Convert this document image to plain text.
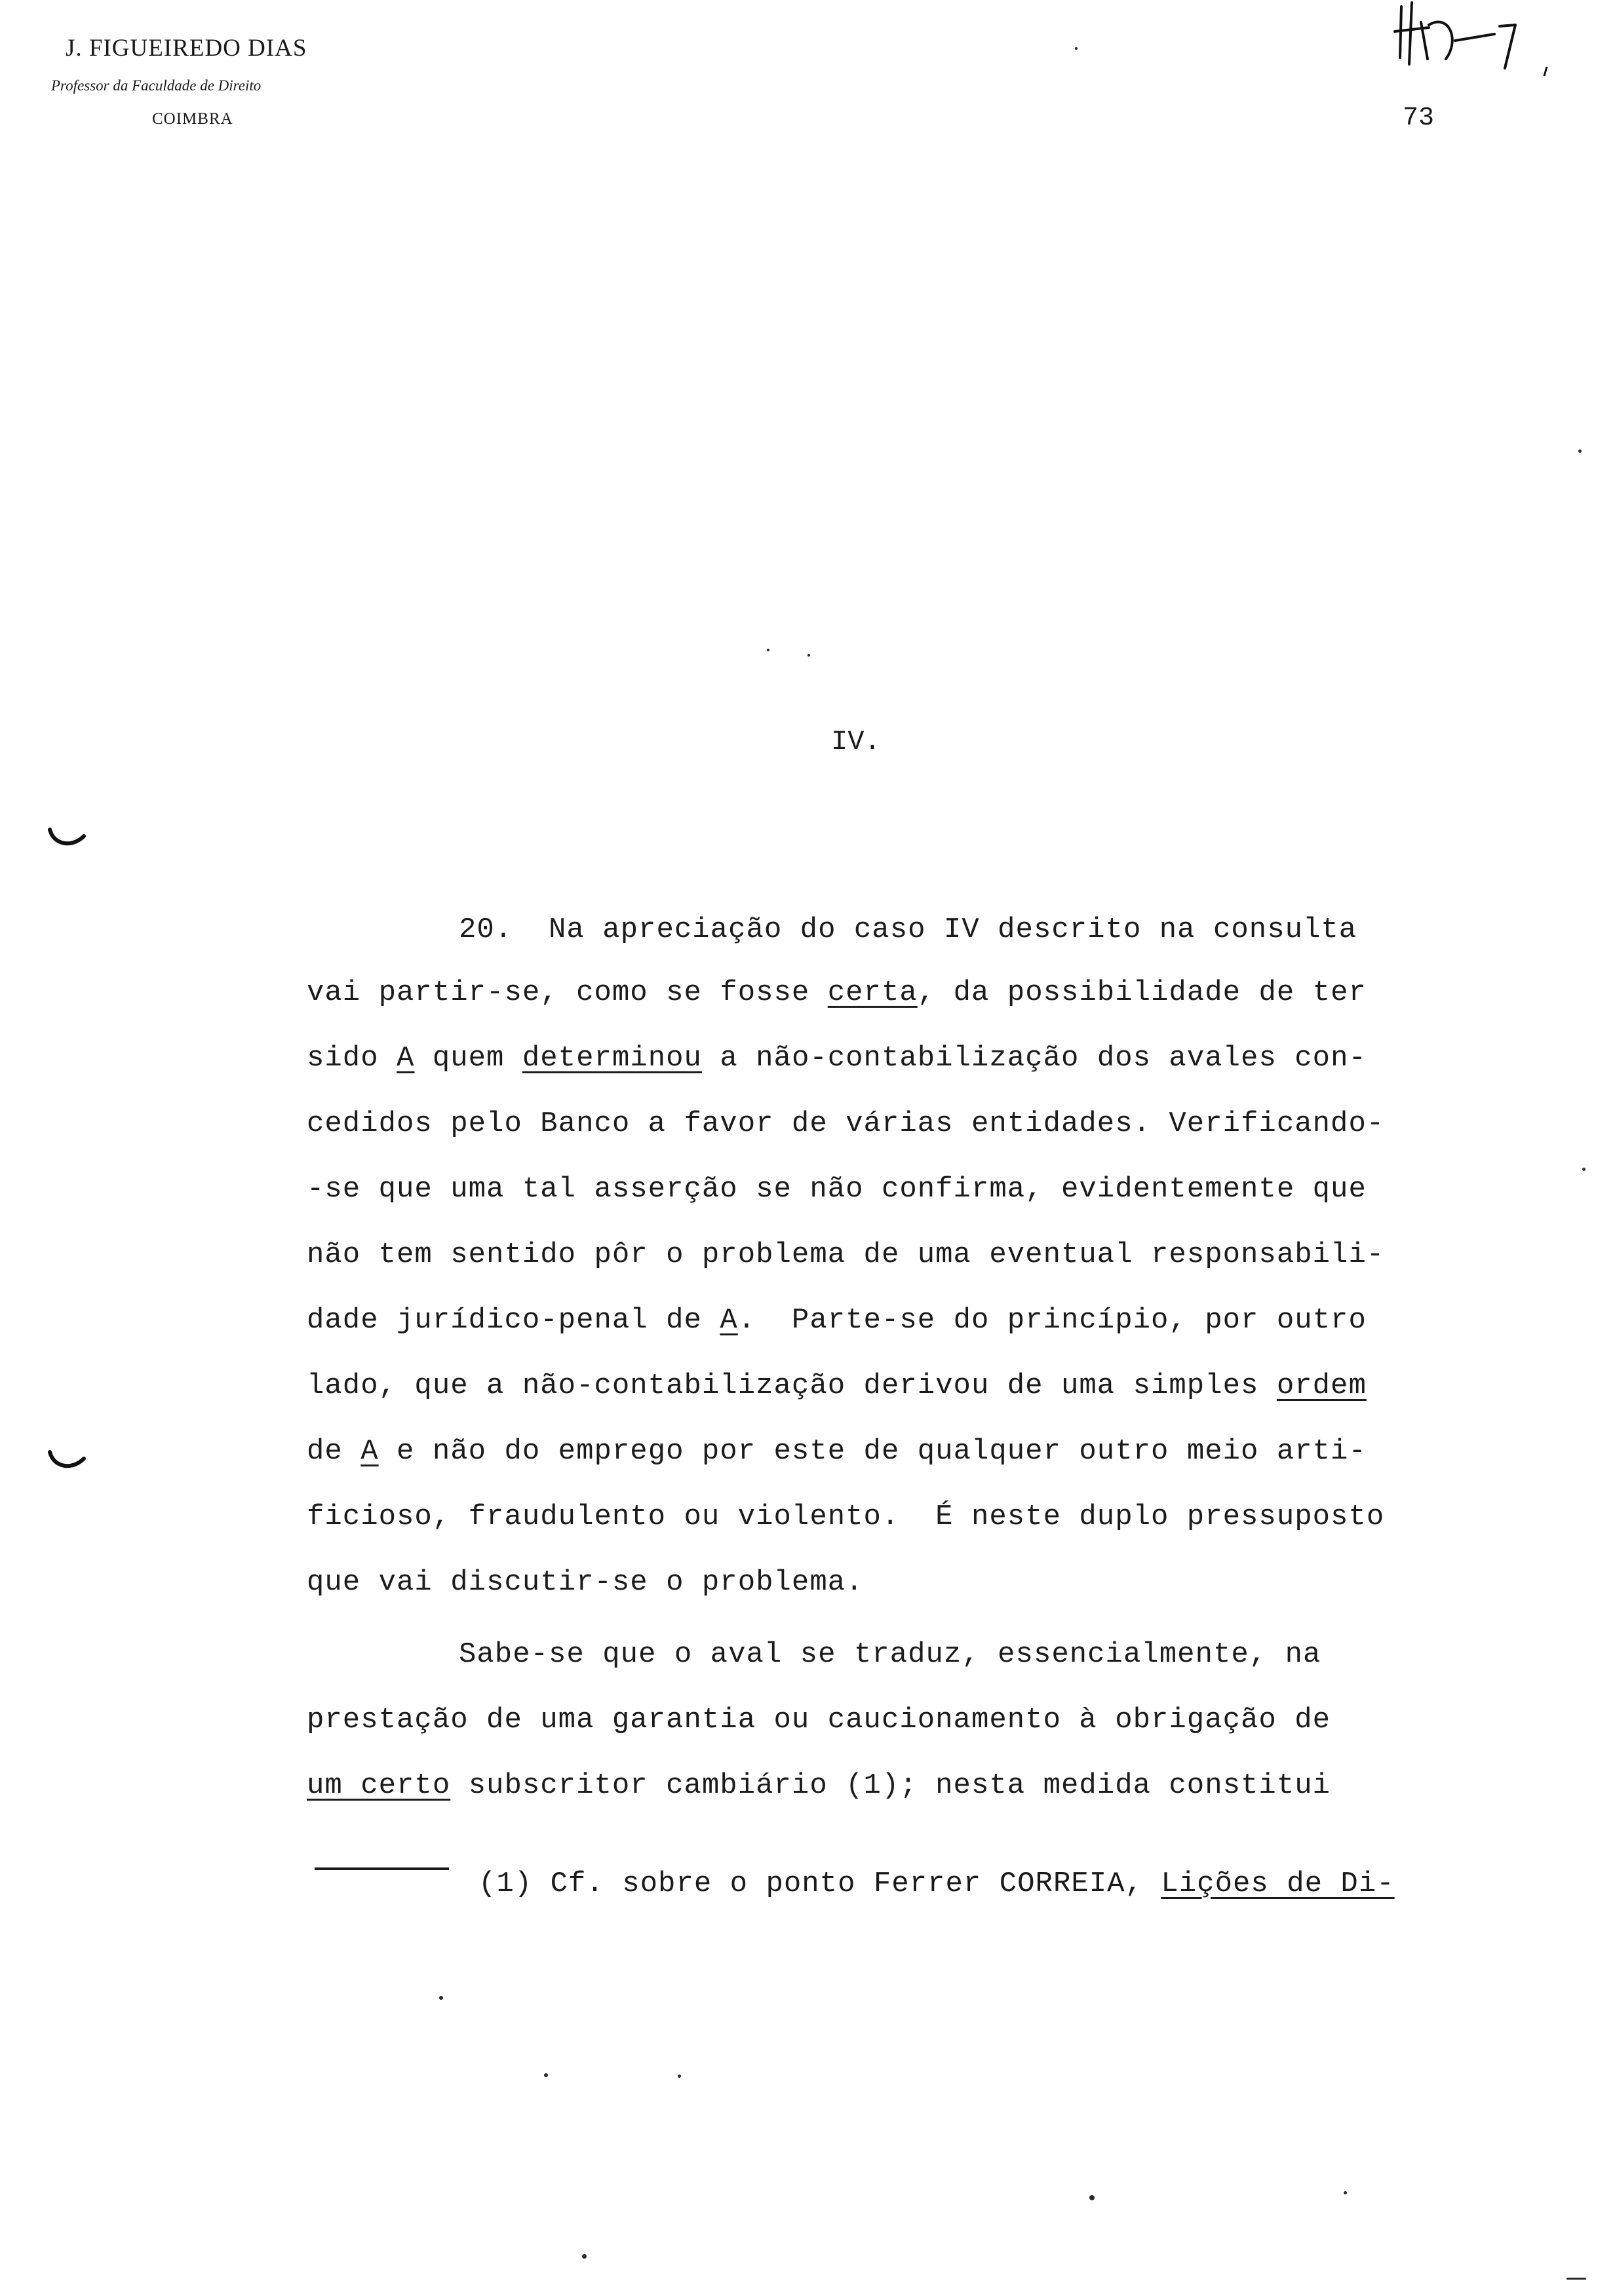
J. FIGUEIREDO DIAS
Professor da Faculdade de Direito
COIMBRA	73
IV.
20.  Na apreciação do caso IV descrito na consulta
vai partir-se, como se fosse certa, da possibilidade de ter
sido A quem determinou a não-contabilização dos avales con-
cedidos pelo Banco a favor de várias entidades. Verificando-
-se que uma tal asserção se não confirma, evidentemente que
não tem sentido pôr o problema de uma eventual responsabili-
dade jurídico-penal de A.  Parte-se do princípio, por outro
lado, que a não-contabilização derivou de uma simples ordem
de A e não do emprego por este de qualquer outro meio arti-
ficioso, fraudulento ou violento.  É neste duplo pressuposto
que vai discutir-se o problema.
Sabe-se que o aval se traduz, essencialmente, na
prestação de uma garantia ou caucionamento à obrigação de
um certo subscritor cambiário (1); nesta medida constitui
(1) Cf. sobre o ponto Ferrer CORREIA, Lições de Di-
